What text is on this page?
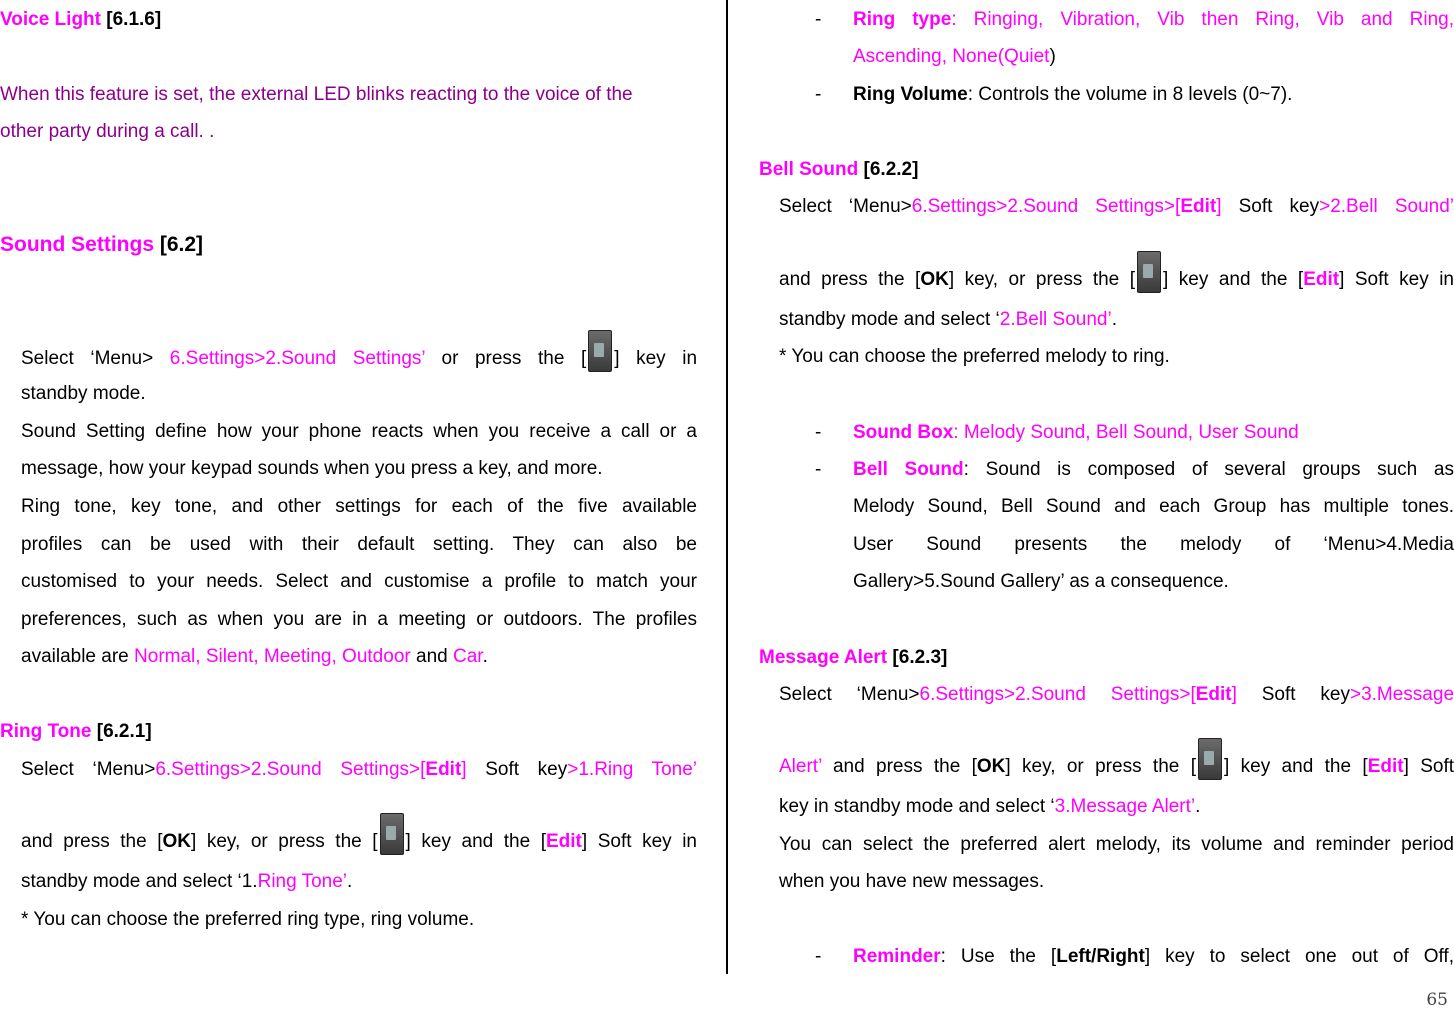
Voice Light [6.1.6]
When this feature is set, the external LED blinks reacting to the voice of the
other party during a call. .
Sound Settings [6.2]
Select ‘Menu> 6.Settings>2.Sound Settings’ or press the [ ] key in
standby mode.
Sound Setting define how your phone reacts when you receive a call or a
message, how your keypad sounds when you press a key, and more.
Ring tone, key tone, and other settings for each of the five available
profiles can be used with their default setting. They can also be
customised to your needs. Select and customise a profile to match your
preferences, such as when you are in a meeting or outdoors. The profiles
available are Normal, Silent, Meeting, Outdoor and Car.
Ring Tone [6.2.1]
Select ‘Menu>6.Settings>2.Sound Settings>[Edit] Soft key>1.Ring Tone’
and press the [OK] key, or press the [ ] key and the [Edit] Soft key in
standby mode and select ‘1.Ring Tone’.
* You can choose the preferred ring type, ring volume.
- Ring type: Ringing, Vibration, Vib then Ring, Vib and Ring,
Ascending, None(Quiet)
- Ring Volume: Controls the volume in 8 levels (0~7).
Bell Sound [6.2.2]
Select ‘Menu>6.Settings>2.Sound Settings>[Edit] Soft key>2.Bell Sound’
and press the [OK] key, or press the [ ] key and the [Edit] Soft key in
standby mode and select ‘2.Bell Sound’.
* You can choose the preferred melody to ring.
- Sound Box: Melody Sound, Bell Sound, User Sound
- Bell Sound: Sound is composed of several groups such as
Melody Sound, Bell Sound and each Group has multiple tones.
User Sound presents the melody of ‘Menu>4.Media
Gallery>5.Sound Gallery’ as a consequence.
Message Alert [6.2.3]
Select ‘Menu>6.Settings>2.Sound Settings>[Edit] Soft key>3.Message
Alert’ and press the [OK] key, or press the [ ] key and the [Edit] Soft
key in standby mode and select ‘3.Message Alert’.
You can select the preferred alert melody, its volume and reminder period
when you have new messages.
- Reminder: Use the [Left/Right] key to select one out of Off,
65
